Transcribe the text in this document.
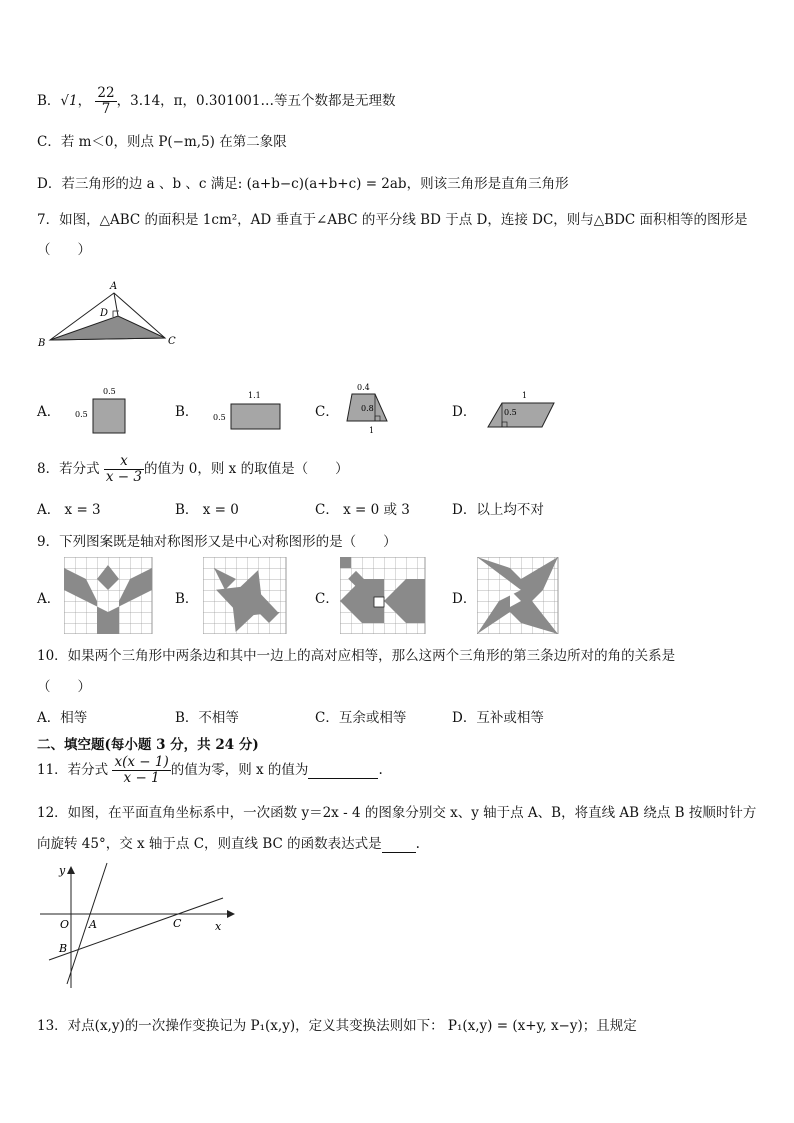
B．√1， $\frac{22}{7}$ ，3.14，π，0.301001…等五个数都是无理数
C．若 m＜0，则点 P(−m,5) 在第二象限
D．若三角形的边 a 、b 、c 满足: (a+b−c)(a+b+c) = 2ab，则该三角形是直角三角形
7．如图，△ABC 的面积是 1cm²，AD 垂直于∠ABC 的平分线 BD 于点 D，连接 DC，则与△BDC 面积相等的图形是
（　　）
A
D
B	C
A．
0.5
0.5	B．
1.1
0.5	C．
0.4
0.8
1
D．
1
0.5
8．若分式 $\frac{x}{x - 3}$ 的值为 0，则 x 的取值是（　　）
A． x = 3	B． x = 0	C． x = 0 或 3	D．以上均不对
9．下列图案既是轴对称图形又是中心对称图形的是（　　）
A．	B．	C．	D．
10．如果两个三角形中两条边和其中一边上的高对应相等，那么这两个三角形的第三条边所对的角的关系是
（　　）
A．相等	B．不相等	C．互余或相等	D．互补或相等
二、填空题(每小题 3 分，共 24 分)
11．若分式 $\frac{x(x - 1)}{x - 1}$ 的值为零，则 x 的值为	.
12．如图，在平面直角坐标系中，一次函数 y＝2x - 4 的图象分别交 x、y 轴于点 A、B，将直线 AB 绕点 B 按顺时针方
向旋转 45°，交 x 轴于点 C，则直线 BC 的函数表达式是	.
y
x
O A
B
C
13．对点(x,y)的一次操作变换记为 P₁(x,y)，定义其变换法则如下： P₁(x,y) = (x+y, x−y)；且规定
